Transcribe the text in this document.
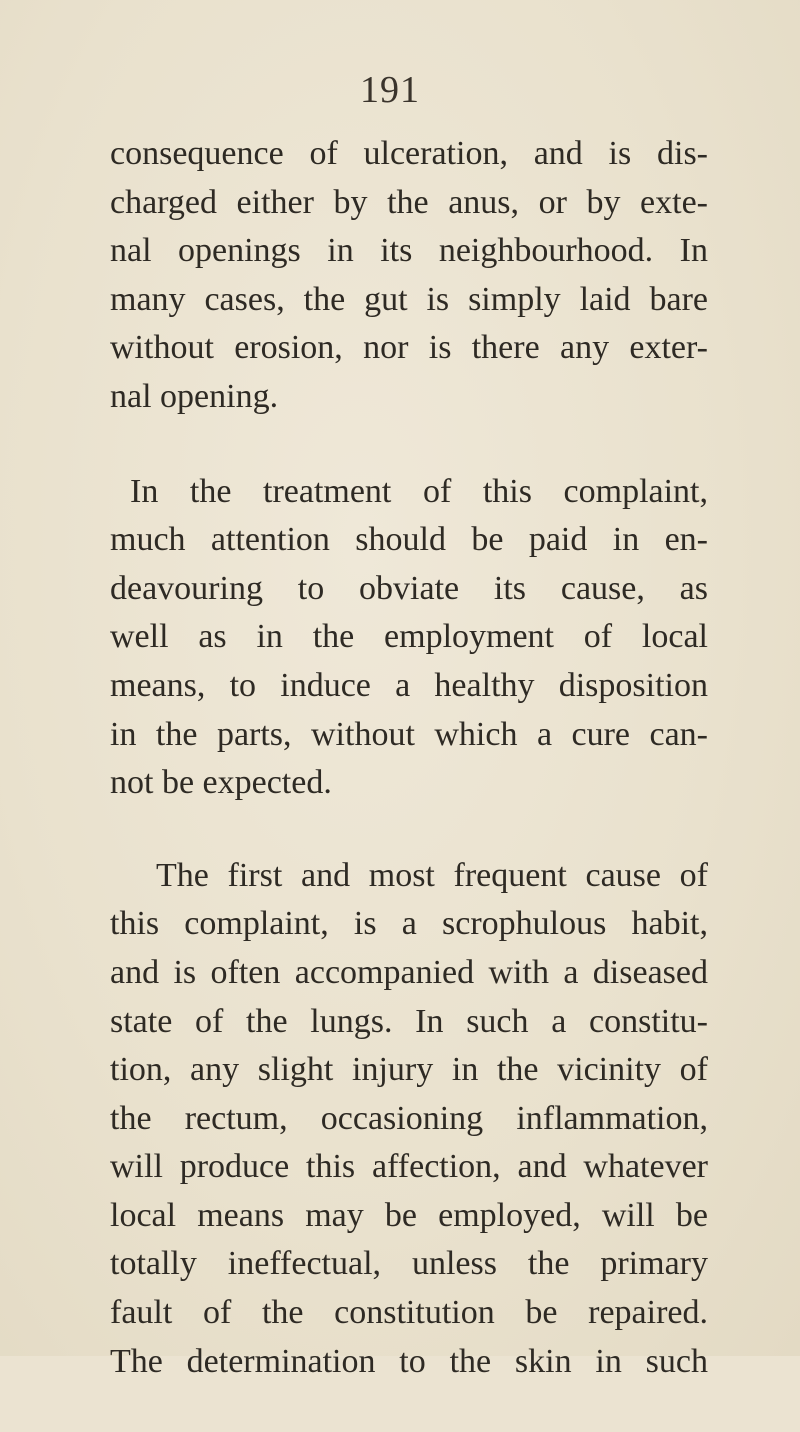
191
consequence of ulceration, and is dis-
charged either by the anus, or by exte-
nal openings in its neighbourhood. In
many cases, the gut is simply laid bare
without erosion, nor is there any exter-
nal opening.
In the treatment of this complaint,
much attention should be paid in en-
deavouring to obviate its cause, as
well as in the employment of local
means, to induce a healthy disposition
in the parts, without which a cure can-
not be expected.
The first and most frequent cause of
this complaint, is a scrophulous habit,
and is often accompanied with a diseased
state of the lungs. In such a constitu-
tion, any slight injury in the vicinity of
the rectum, occasioning inflammation,
will produce this affection, and whatever
local means may be employed, will be
totally ineffectual, unless the primary
fault of the constitution be repaired.
The determination to the skin in such
